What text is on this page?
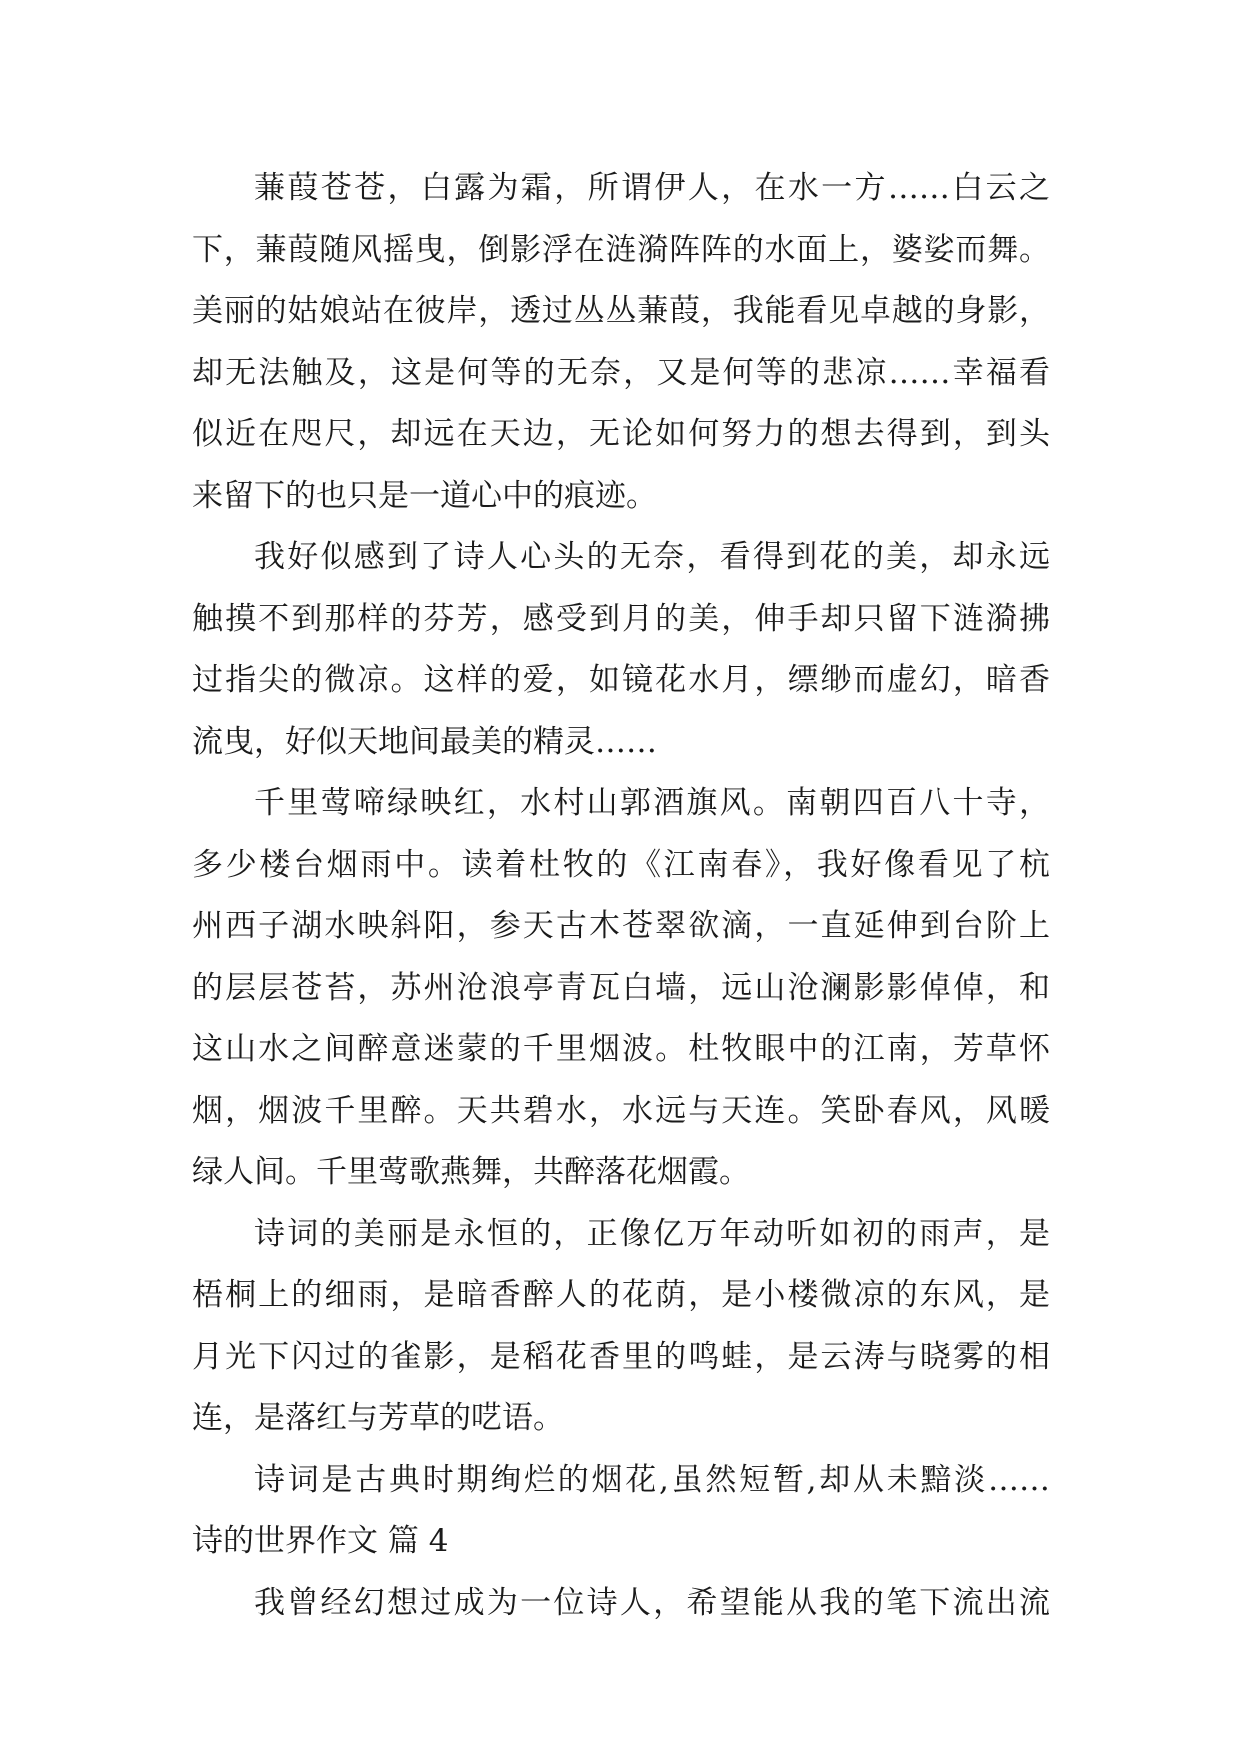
蒹葭苍苍，白露为霜，所谓伊人，在水一方……白云之
下，蒹葭随风摇曳，倒影浮在涟漪阵阵的水面上，婆娑而舞。
美丽的姑娘站在彼岸，透过丛丛蒹葭，我能看见卓越的身影，
却无法触及，这是何等的无奈，又是何等的悲凉……幸福看
似近在咫尺，却远在天边，无论如何努力的想去得到，到头
来留下的也只是一道心中的痕迹。
我好似感到了诗人心头的无奈，看得到花的美，却永远
触摸不到那样的芬芳，感受到月的美，伸手却只留下涟漪拂
过指尖的微凉。这样的爱，如镜花水月，缥缈而虚幻，暗香
流曳，好似天地间最美的精灵……
千里莺啼绿映红，水村山郭酒旗风。南朝四百八十寺，
多少楼台烟雨中。读着杜牧的《江南春》，我好像看见了杭
州西子湖水映斜阳，参天古木苍翠欲滴，一直延伸到台阶上
的层层苍苔，苏州沧浪亭青瓦白墙，远山沧澜影影倬倬，和
这山水之间醉意迷蒙的千里烟波。杜牧眼中的江南，芳草怀
烟，烟波千里醉。天共碧水，水远与天连。笑卧春风，风暖
绿人间。千里莺歌燕舞，共醉落花烟霞。
诗词的美丽是永恒的，正像亿万年动听如初的雨声，是
梧桐上的细雨，是暗香醉人的花荫，是小楼微凉的东风，是
月光下闪过的雀影，是稻花香里的鸣蛙，是云涛与晓雾的相
连，是落红与芳草的呓语。
诗词是古典时期绚烂的烟花,虽然短暂,却从未黯淡……
诗的世界作文 篇 4
我曾经幻想过成为一位诗人，希望能从我的笔下流出流
